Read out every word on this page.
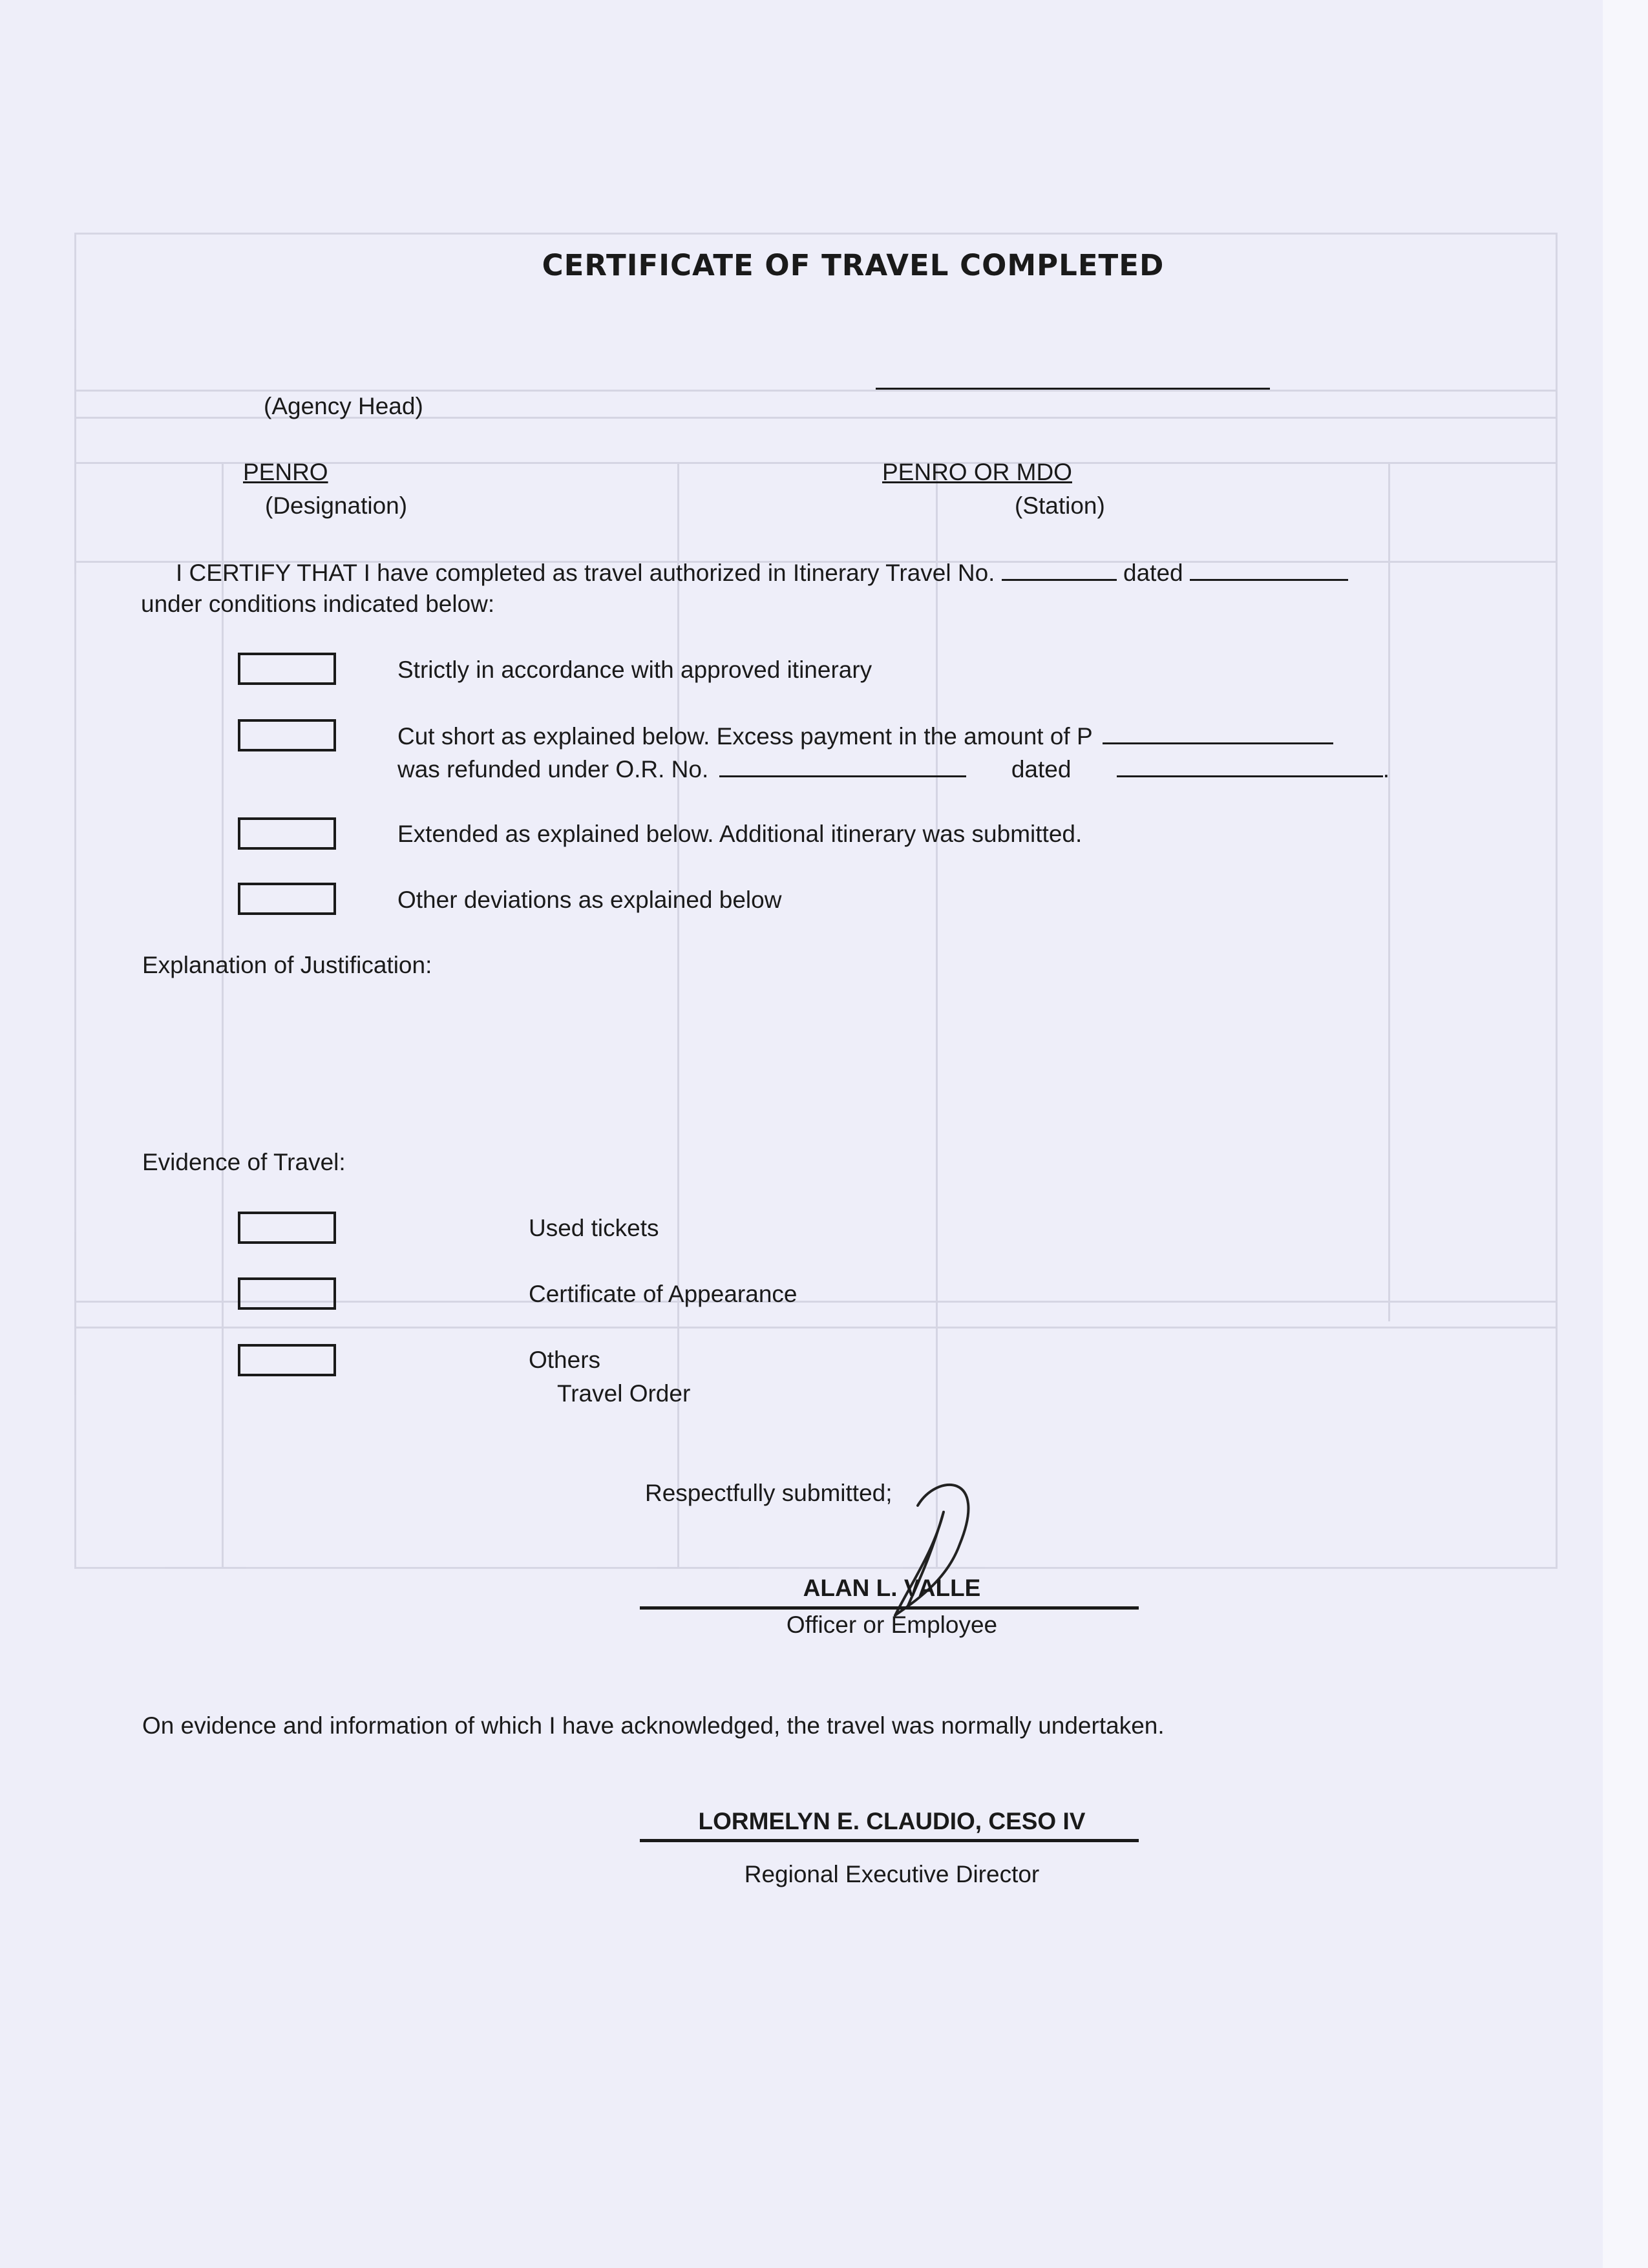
CERTIFICATE OF TRAVEL COMPLETED
(Agency Head)
PENRO
(Designation)
PENRO OR MDO
(Station)
I CERTIFY THAT I have completed as travel authorized in Itinerary Travel No.	dated
under conditions indicated below:
Strictly in accordance with approved itinerary
Cut short as explained below. Excess payment in the amount of P
was refunded under O.R. No.	dated	.
Extended as explained below. Additional itinerary was submitted.
Other deviations as explained below
Explanation of Justification:
Evidence of Travel:
Used tickets
Certificate of Appearance
Others
Travel Order
Respectfully submitted;
ALAN L. VALLE
Officer or Employee
On evidence and information of which I have acknowledged, the travel was normally undertaken.
LORMELYN E. CLAUDIO, CESO IV
Regional Executive Director
